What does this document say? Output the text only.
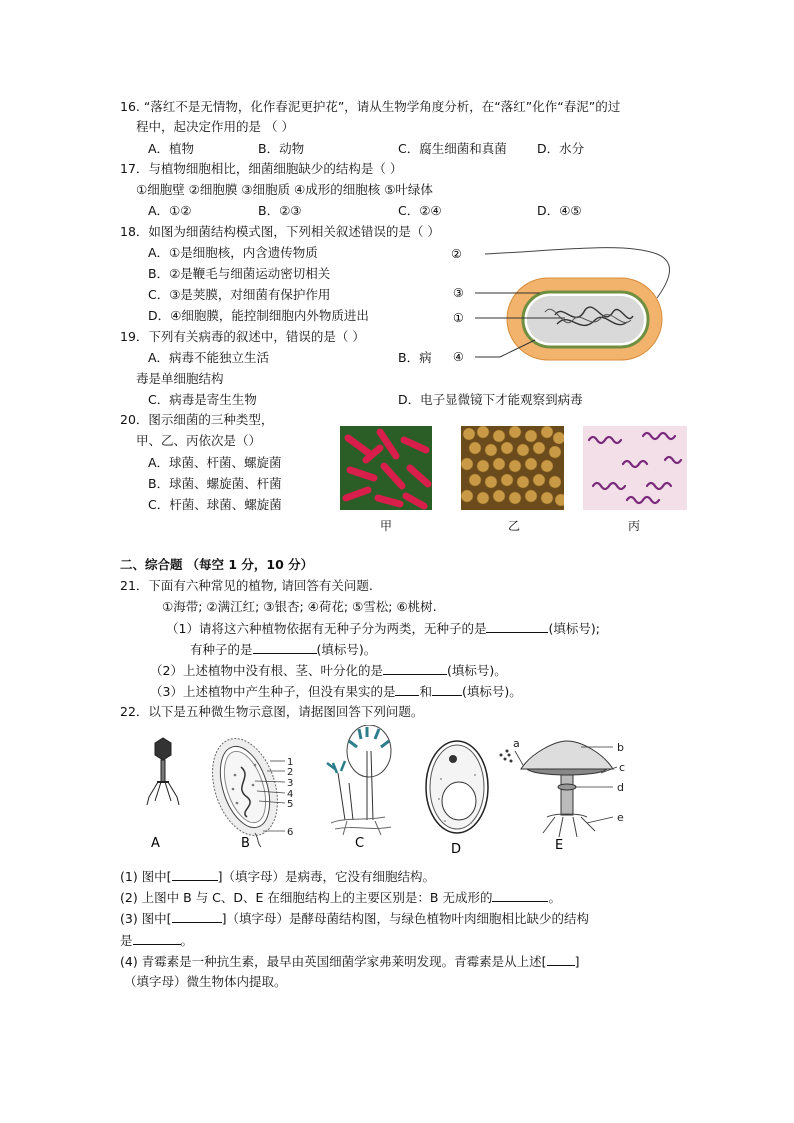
16. “落红不是无情物，化作春泥更护花”，请从生物学角度分析，在“落红”化作“春泥”的过
程中，起决定作用的是 （ ）
A．植物	B．动物	C．腐生细菌和真菌 D．水分
17．与植物细胞相比，细菌细胞缺少的结构是（ ）
①细胞壁 ②细胞膜 ③细胞质 ④成形的细胞核 ⑤叶绿体
A．①②	B．②③	C．②④	D．④⑤
18．如图为细菌结构模式图，下列相关叙述错误的是（ ）
A．①是细胞核，内含遗传物质
B．②是鞭毛与细菌运动密切相关
C．③是荚膜，对细菌有保护作用
D．④细胞膜，能控制细胞内外物质进出
②
③
①
④
19．下列有关病毒的叙述中，错误的是（ ）
A．病毒不能独立生活	B．病
毒是单细胞结构
C．病毒是寄生生物	D．电子显微镜下才能观察到病毒
20．图示细菌的三种类型，
甲、乙、丙依次是（）
A．球菌、杆菌、螺旋菌
B．球菌、螺旋菌、杆菌
C．杆菌、球菌、螺旋菌
甲	乙	丙
二、综合题 （每空 1 分，10 分）
21．下面有六种常见的植物, 请回答有关问题.
①海带; ②满江红; ③银杏; ④荷花; ⑤雪松; ⑥桃树.
（1）请将这六种植物依据有无种子分为两类，无种子的是	(填标号);
有种子的是	(填标号)。
（2）上述植物中没有根、茎、叶分化的是	(填标号)。
（3）上述植物中产生种子，但没有果实的是 和 (填标号)。
22．以下是五种微生物示意图，请据图回答下列问题。
A
1
2
3
4
5
6
B	C	D
a	b
c
d
e
E
(1) 图中[	]（填字母）是病毒，它没有细胞结构。
(2) 上图中 B 与 C、D、E 在细胞结构上的主要区别是：B 无成形的	。
(3) 图中[	]（填字母）是酵母菌结构图，与绿色植物叶肉细胞相比缺少的结构
是	。
(4) 青霉素是一种抗生素，最早由英国细菌学家弗莱明发现。青霉素是从上述[ ]
（填字母）微生物体内提取。
